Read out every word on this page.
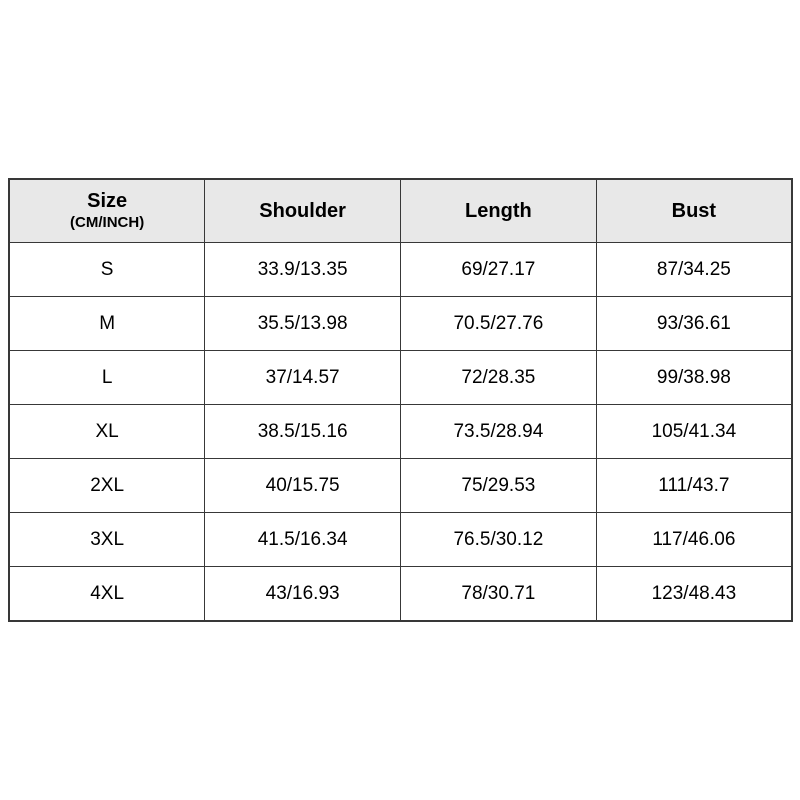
Size
(CM/INCH)	Shoulder	Length	Bust
S	33.9/13.35	69/27.17	87/34.25
M	35.5/13.98	70.5/27.76	93/36.61
L	37/14.57	72/28.35	99/38.98
XL	38.5/15.16	73.5/28.94	105/41.34
2XL	40/15.75	75/29.53	111/43.7
3XL	41.5/16.34	76.5/30.12	117/46.06
4XL	43/16.93	78/30.71	123/48.43
